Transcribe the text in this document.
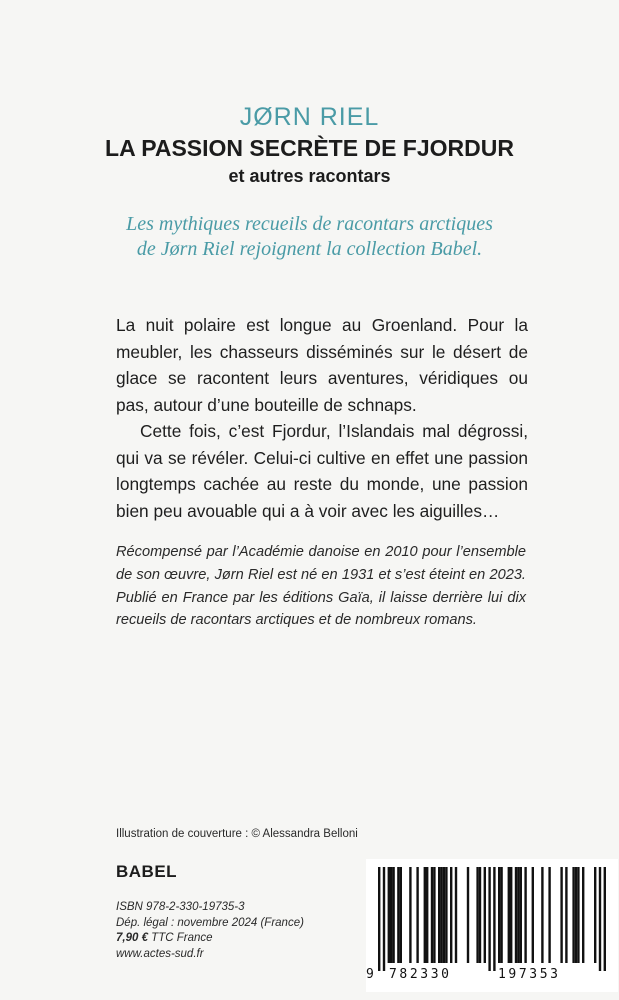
JØRN RIEL
LA PASSION SECRÈTE DE FJORDUR
et autres racontars
Les mythiques recueils de racontars arctiques
de Jørn Riel rejoignent la collection Babel.

La nuit polaire est longue au Groenland. Pour la meubler, les chasseurs disséminés sur le désert de glace se racontent leurs aventures, véridiques ou pas, autour d’une bouteille de schnaps.

Cette fois, c’est Fjordur, l’Islandais mal dégrossi, qui va se révéler. Celui-ci cultive en effet une passion longtemps cachée au reste du monde, une passion bien peu avouable qui a à voir avec les aiguilles…

Récompensé par l’Académie danoise en 2010 pour l’ensemble de son œuvre, Jørn Riel est né en 1931 et s’est éteint en 2023. Publié en France par les éditions Gaïa, il laisse derrière lui dix recueils de racontars arctiques et de nombreux romans.
Illustration de couverture : © Alessandra Belloni
BABEL
ISBN 978-2-330-19735-3
Dép. légal : novembre 2024 (France)
7,90 € TTC France
www.actes-sud.fr
9 782330	197353
